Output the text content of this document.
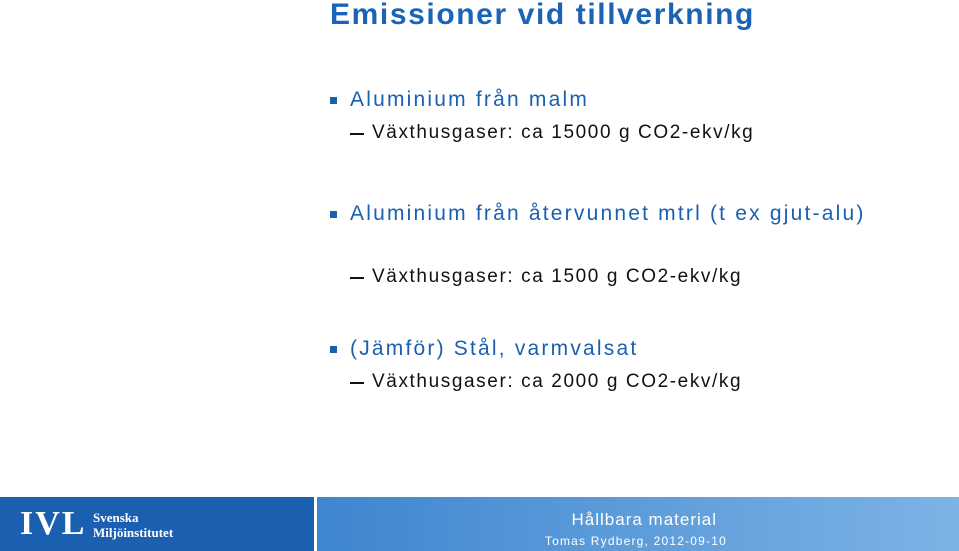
Emissioner vid tillverkning
Aluminium från malm
Växthusgaser: ca 15000 g CO2-ekv/kg
Aluminium från återvunnet mtrl (t ex gjut-alu)
Växthusgaser: ca 1500 g CO2-ekv/kg
(Jämför) Stål, varmvalsat
Växthusgaser: ca 2000 g CO2-ekv/kg
IVL Svenska
Miljöinstitutet
Hållbara material
Tomas Rydberg, 2012-09-10
